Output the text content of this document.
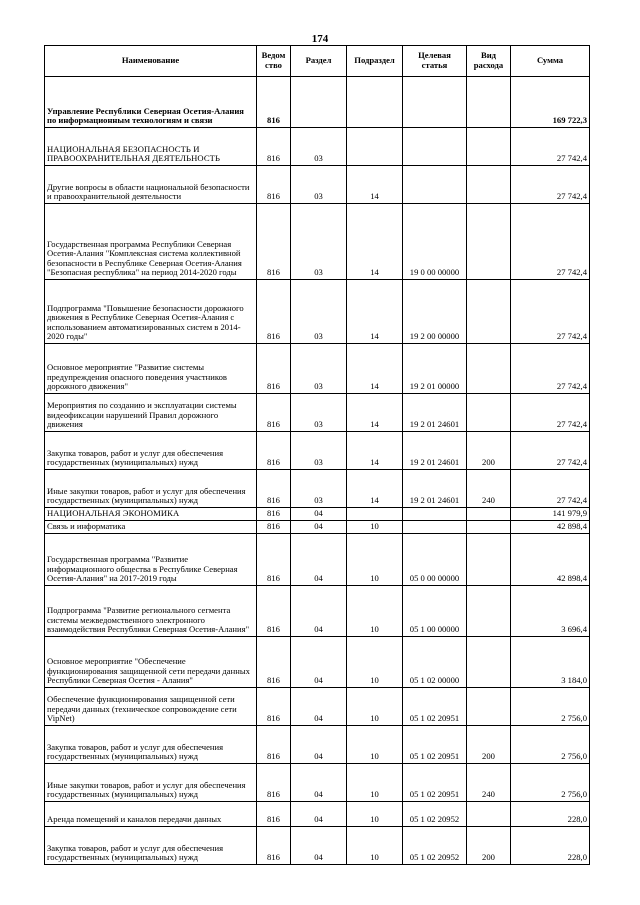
174
Наименование	Ведом ство	Раздел	Подраздел	Целевая статья	Вид расхода	Сумма
Управление Республики Северная Осетия-Алания по информационным технологиям и связи	816					169 722,3
НАЦИОНАЛЬНАЯ БЕЗОПАСНОСТЬ И ПРАВООХРАНИТЕЛЬНАЯ ДЕЯТЕЛЬНОСТЬ	816	03				27 742,4
Другие вопросы в области национальной безопасности и правоохранительной деятельности	816	03	14			27 742,4
Государственная программа Республики Северная Осетия-Алания "Комплексная система коллективной безопасности в Республике Северная Осетия-Алания "Безопасная республика" на период 2014-2020 годы	816	03	14	19 0 00 00000		27 742,4
Подпрограмма "Повышение безопасности дорожного движения в Республике Северная Осетия-Алания с использованием автоматизированных систем в 2014-2020 годы"	816	03	14	19 2 00 00000		27 742,4
Основное мероприятие "Развитие системы предупреждения опасного поведения участников дорожного движения"	816	03	14	19 2 01 00000		27 742,4
Мероприятия по созданию и эксплуатации системы видеофиксации нарушений Правил дорожного движения	816	03	14	19 2 01 24601		27 742,4
Закупка товаров, работ и услуг для обеспечения государственных (муниципальных) нужд	816	03	14	19 2 01 24601	200	27 742,4
Иные закупки товаров, работ и услуг для обеспечения государственных (муниципальных) нужд	816	03	14	19 2 01 24601	240	27 742,4
НАЦИОНАЛЬНАЯ ЭКОНОМИКА	816	04				141 979,9
Связь и информатика	816	04	10			42 898,4
Государственная программа "Развитие информационного общества в Республике Северная Осетия-Алания" на 2017-2019 годы	816	04	10	05 0 00 00000		42 898,4
Подпрограмма "Развитие регионального сегмента системы межведомственного электронного взаимодействия Республики Северная Осетия-Алания"	816	04	10	05 1 00 00000		3 696,4
Основное мероприятие "Обеспечение функционирования защищенной сети передачи данных Республики Северная Осетия - Алания"	816	04	10	05 1 02 00000		3 184,0
Обеспечение функционирования защищенной сети передачи данных (техническое сопровождение сети VipNet)	816	04	10	05 1 02 20951		2 756,0
Закупка товаров, работ и услуг для обеспечения государственных (муниципальных) нужд	816	04	10	05 1 02 20951	200	2 756,0
Иные закупки товаров, работ и услуг для обеспечения государственных (муниципальных) нужд	816	04	10	05 1 02 20951	240	2 756,0
Аренда помещений и каналов передачи данных	816	04	10	05 1 02 20952		228,0
Закупка товаров, работ и услуг для обеспечения государственных (муниципальных) нужд	816	04	10	05 1 02 20952	200	228,0
